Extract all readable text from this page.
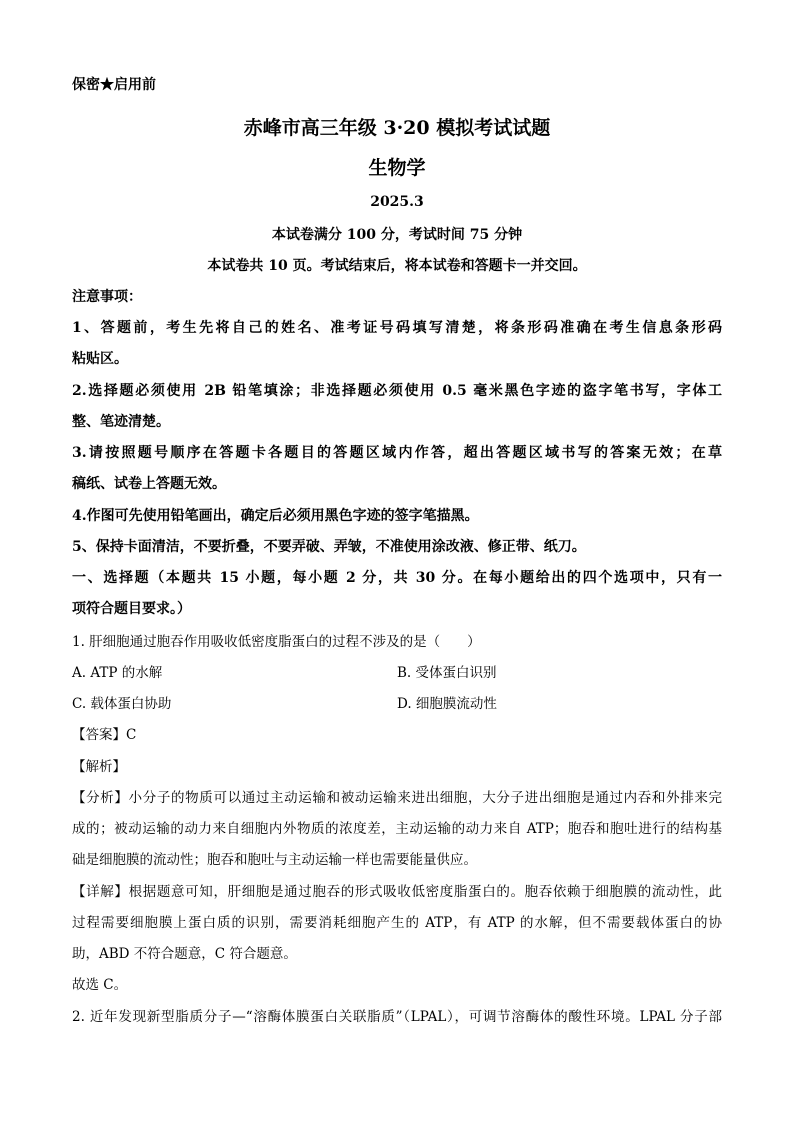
保密★启用前
赤峰市高三年级 3·20 模拟考试试题
生物学
2025.3
本试卷满分 100 分，考试时间 75 分钟
本试卷共 10 页。考试结束后，将本试卷和答题卡一并交回。
注意事项：
1、答题前，考生先将自己的姓名、准考证号码填写清楚，将条形码准确在考生信息条形码
粘贴区。
2.选择题必须使用 2B 铅笔填涂；非选择题必须使用 0.5 毫米黑色字迹的盗字笔书写，字体工
整、笔迹清楚。
3.请按照题号顺序在答题卡各题目的答题区域内作答，超出答题区域书写的答案无效；在草
稿纸、试卷上答题无效。
4.作图可先使用铅笔画出，确定后必须用黑色字迹的签字笔描黑。
5、保持卡面清洁，不要折叠，不要弄破、弄皱，不准使用涂改液、修正带、纸刀。
一、选择题（本题共 15 小题，每小题 2 分，共 30 分。在每小题给出的四个选项中，只有一
项符合题目要求。）
1. 肝细胞通过胞吞作用吸收低密度脂蛋白的过程不涉及的是（　　）
A. ATP 的水解	B. 受体蛋白识别
C. 载体蛋白协助	D. 细胞膜流动性
【答案】C
【解析】
【分析】小分子的物质可以通过主动运输和被动运输来进出细胞，大分子进出细胞是通过内吞和外排来完
成的；被动运输的动力来自细胞内外物质的浓度差，主动运输的动力来自 ATP；胞吞和胞吐进行的结构基
础是细胞膜的流动性；胞吞和胞吐与主动运输一样也需要能量供应。
【详解】根据题意可知，肝细胞是通过胞吞的形式吸收低密度脂蛋白的。胞吞依赖于细胞膜的流动性，此
过程需要细胞膜上蛋白质的识别，需要消耗细胞产生的 ATP，有 ATP 的水解，但不需要载体蛋白的协
助，ABD 不符合题意，C 符合题意。
故选 C。
2. 近年发现新型脂质分子—“溶酶体膜蛋白关联脂质”（LPAL），可调节溶酶体的酸性环境。LPAL 分子部
